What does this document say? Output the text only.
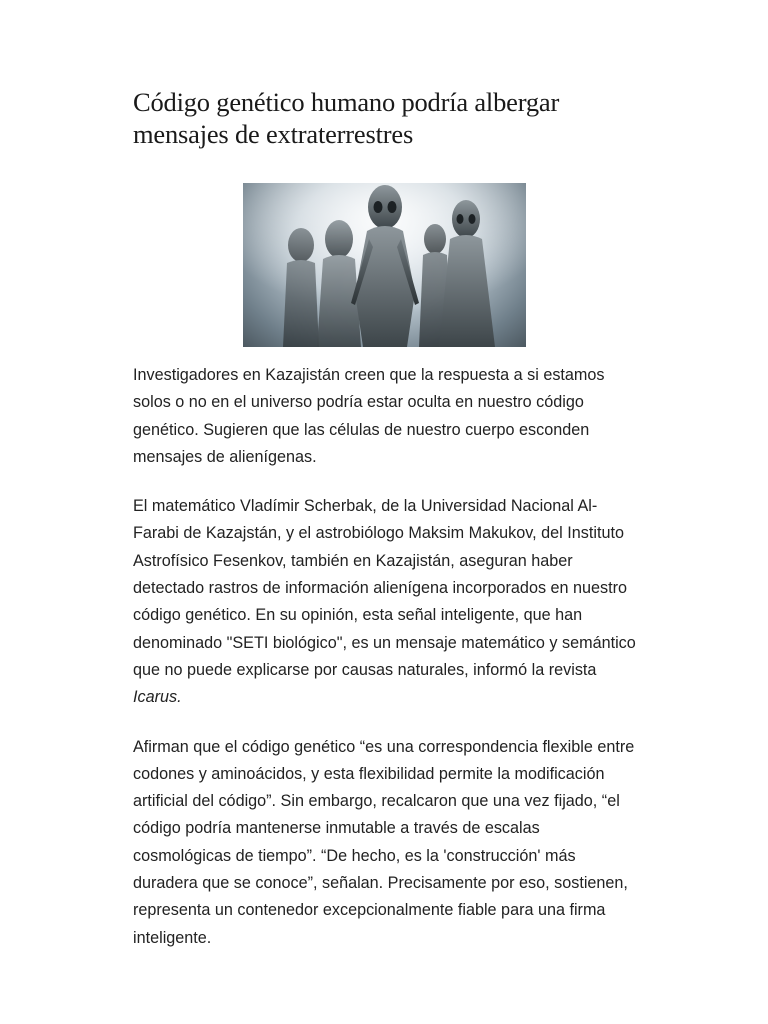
Código genético humano podría albergar mensajes de extraterrestres

Investigadores en Kazajistán creen que la respuesta a si estamos solos o no en el universo podría estar oculta en nuestro código genético. Sugieren que las células de nuestro cuerpo esconden mensajes de alienígenas.

El matemático Vladímir Scherbak, de la Universidad Nacional Al-Farabi de Kazajstán, y el astrobiólogo Maksim Makukov, del Instituto Astrofísico Fesenkov, también en Kazajistán, aseguran haber detectado rastros de información alienígena incorporados en nuestro código genético. En su opinión, esta señal inteligente, que han denominado "SETI biológico", es un mensaje matemático y semántico que no puede explicarse por causas naturales, informó la revista Icarus.

Afirman que el código genético “es una correspondencia flexible entre codones y aminoácidos, y esta flexibilidad permite la modificación artificial del código”. Sin embargo, recalcaron que una vez fijado, “el código podría mantenerse inmutable a través de escalas cosmológicas de tiempo”. “De hecho, es la 'construcción' más duradera que se conoce”, señalan. Precisamente por eso, sostienen, representa un contenedor excepcionalmente fiable para una firma inteligente.
